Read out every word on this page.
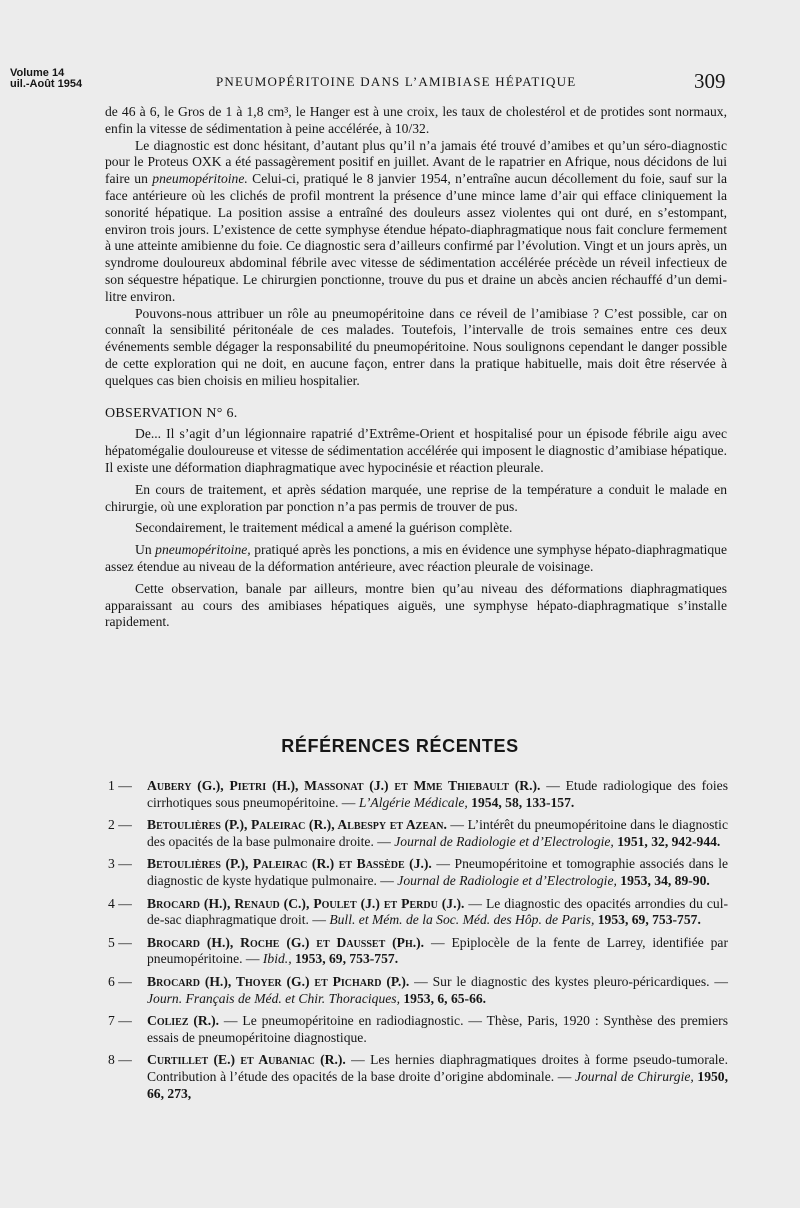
Volume 14
uil.-Août 1954	PNEUMOPÉRITOINE DANS L’AMIBIASE HÉPATIQUE	309

de 46 à 6, le Gros de 1 à 1,8 cm³, le Hanger est à une croix, les taux de cholestérol et de protides sont normaux, enfin la vitesse de sédimentation à peine accélérée, à 10/32.

Le diagnostic est donc hésitant, d’autant plus qu’il n’a jamais été trouvé d’amibes et qu’un séro-diagnostic pour le Proteus OXK a été passagèrement positif en juillet. Avant de le rapatrier en Afrique, nous décidons de lui faire un pneumopéritoine. Celui-ci, pratiqué le 8 janvier 1954, n’entraîne aucun décollement du foie, sauf sur la face antérieure où les clichés de profil montrent la présence d’une mince lame d’air qui efface cliniquement la sonorité hépatique. La position assise a entraîné des douleurs assez violentes qui ont duré, en s’estompant, environ trois jours. L’existence de cette symphyse étendue hépato-diaphragmatique nous fait conclure fermement à une atteinte amibienne du foie. Ce diagnostic sera d’ailleurs confirmé par l’évolution. Vingt et un jours après, un syndrome douloureux abdominal fébrile avec vitesse de sédimentation accélérée précède un réveil infectieux de son séquestre hépatique. Le chirurgien ponctionne, trouve du pus et draine un abcès ancien réchauffé d’un demi-litre environ.

Pouvons-nous attribuer un rôle au pneumopéritoine dans ce réveil de l’amibiase ? C’est possible, car on connaît la sensibilité péritonéale de ces malades. Toutefois, l’intervalle de trois semaines entre ces deux événements semble dégager la responsabilité du pneumopéritoine. Nous soulignons cependant le danger possible de cette exploration qui ne doit, en aucune façon, entrer dans la pratique habituelle, mais doit être réservée à quelques cas bien choisis en milieu hospitalier.

OBSERVATION N° 6.

De... Il s’agit d’un légionnaire rapatrié d’Extrême-Orient et hospitalisé pour un épisode fébrile aigu avec hépatomégalie douloureuse et vitesse de sédimentation accélérée qui imposent le diagnostic d’amibiase hépatique. Il existe une déformation diaphragmatique avec hypocinésie et réaction pleurale.

En cours de traitement, et après sédation marquée, une reprise de la température a conduit le malade en chirurgie, où une exploration par ponction n’a pas permis de trouver de pus.

Secondairement, le traitement médical a amené la guérison complète.

Un pneumopéritoine, pratiqué après les ponctions, a mis en évidence une symphyse hépato-diaphragmatique assez étendue au niveau de la déformation antérieure, avec réaction pleurale de voisinage.

Cette observation, banale par ailleurs, montre bien qu’au niveau des déformations diaphragmatiques apparaissant au cours des amibiases hépatiques aiguës, une symphyse hépato-diaphragmatique s’installe rapidement.

RÉFÉRENCES RÉCENTES
1 —	Aubery (G.), Pietri (H.), Massonat (J.) et Mme Thiebault (R.). — Etude radiologique des foies cirrhotiques sous pneumopéritoine. — L’Algérie Médicale, 1954, 58, 133-157.
2 —	Betoulières (P.), Paleirac (R.), Albespy et Azean. — L’intérêt du pneumopéritoine dans le diagnostic des opacités de la base pulmonaire droite. — Journal de Radiologie et d’Electrologie, 1951, 32, 942-944.
3 —	Betoulières (P.), Paleirac (R.) et Bassède (J.). — Pneumopéritoine et tomographie associés dans le diagnostic de kyste hydatique pulmonaire. — Journal de Radiologie et d’Electrologie, 1953, 34, 89-90.
4 —	Brocard (H.), Renaud (C.), Poulet (J.) et Perdu (J.). — Le diagnostic des opacités arrondies du cul-de-sac diaphragmatique droit. — Bull. et Mém. de la Soc. Méd. des Hôp. de Paris, 1953, 69, 753-757.
5 —	Brocard (H.), Roche (G.) et Dausset (Ph.). — Epiplocèle de la fente de Larrey, identifiée par pneumopéritoine. — Ibid., 1953, 69, 753-757.
6 —	Brocard (H.), Thoyer (G.) et Pichard (P.). — Sur le diagnostic des kystes pleuro-péricardiques. — Journ. Français de Méd. et Chir. Thoraciques, 1953, 6, 65-66.
7 —	Coliez (R.). — Le pneumopéritoine en radiodiagnostic. — Thèse, Paris, 1920 : Synthèse des premiers essais de pneumopéritoine diagnostique.
8 —	Curtillet (E.) et Aubaniac (R.). — Les hernies diaphragmatiques droites à forme pseudo-tumorale. Contribution à l’étude des opacités de la base droite d’origine abdominale. — Journal de Chirurgie, 1950, 66, 273,
